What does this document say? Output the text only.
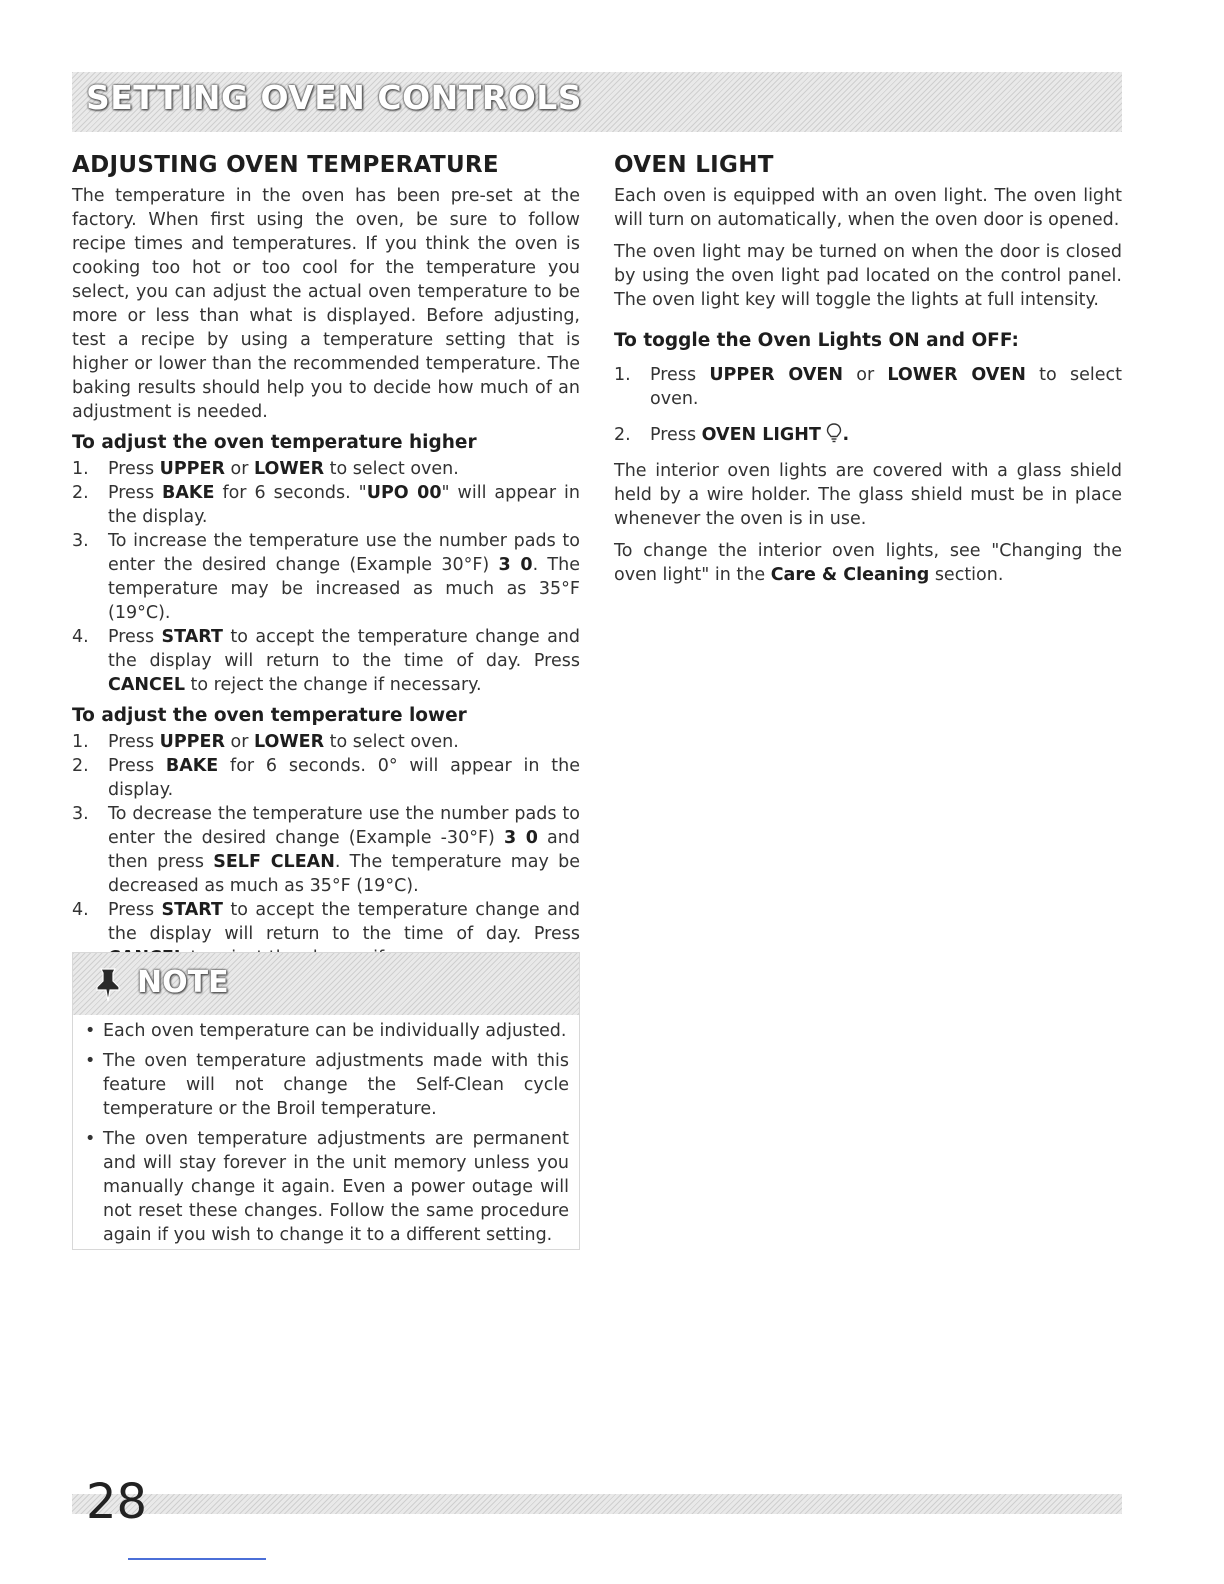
SETTING OVEN CONTROLS
ADJUSTING OVEN TEMPERATURE

The temperature in the oven has been pre-set at the factory. When first using the oven, be sure to follow recipe times and temperatures. If you think the oven is cooking too hot or too cool for the temperature you select, you can adjust the actual oven temperature to be more or less than what is displayed. Before adjusting, test a recipe by using a temperature setting that is higher or lower than the recommended temperature. The baking results should help you to decide how much of an adjustment is needed.

To adjust the oven temperature higher
1. Press UPPER or LOWER to select oven.
2. Press BAKE for 6 seconds. "UPO 00" will appear in the display.
3. To increase the temperature use the number pads to enter the desired change (Example 30°F) 3 0. The temperature may be increased as much as 35°F (19°C).
4. Press START to accept the temperature change and the display will return to the time of day. Press CANCEL to reject the change if necessary.
To adjust the oven temperature lower
1. Press UPPER or LOWER to select oven.
2. Press BAKE for 6 seconds. 0° will appear in the display.
3. To decrease the temperature use the number pads to enter the desired change (Example -30°F) 3 0 and then press SELF CLEAN. The temperature may be decreased as much as 35°F (19°C).
4. Press START to accept the temperature change and the display will return to the time of day. Press
NOTE
• Each oven temperature can be individually adjusted.
• The oven temperature adjustments made with this feature will not change the Self-Clean cycle temperature or the Broil temperature.
• The oven temperature adjustments are permanent and will stay forever in the unit memory unless you manually change it again. Even a power outage will not reset these changes. Follow the same procedure again if you wish to change it to a different setting.
OVEN LIGHT

Each oven is equipped with an oven light. The oven light will turn on automatically, when the oven door is opened.

The oven light may be turned on when the door is closed by using the oven light pad located on the control panel. The oven light key will toggle the lights at full intensity.

To toggle the Oven Lights ON and OFF:
1. Press UPPER OVEN or LOWER OVEN to select oven.
2. Press OVEN LIGHT .

The interior oven lights are covered with a glass shield held by a wire holder. The glass shield must be in place whenever the oven is in use.

To change the interior oven lights, see "Changing the oven light" in the Care & Cleaning section.

28
